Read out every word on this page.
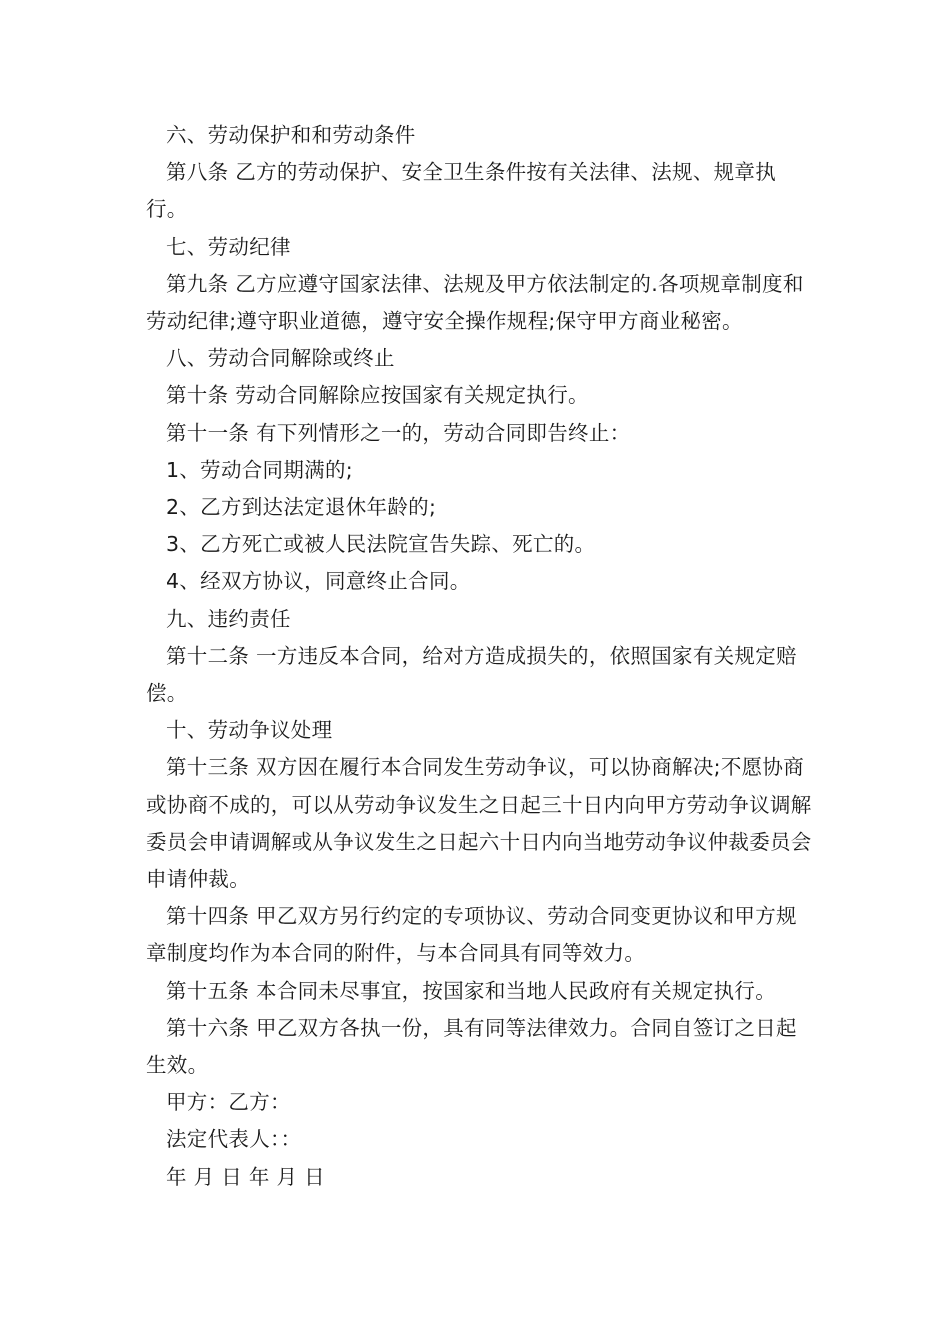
六、劳动保护和和劳动条件

第八条 乙方的劳动保护、安全卫生条件按有关法律、法规、规章执行。

七、劳动纪律

第九条 乙方应遵守国家法律、法规及甲方依法制定的.各项规章制度和劳动纪律;遵守职业道德，遵守安全操作规程;保守甲方商业秘密。

八、劳动合同解除或终止

第十条 劳动合同解除应按国家有关规定执行。

第十一条 有下列情形之一的，劳动合同即告终止：

1、劳动合同期满的;

2、乙方到达法定退休年龄的;

3、乙方死亡或被人民法院宣告失踪、死亡的。

4、经双方协议，同意终止合同。

九、违约责任

第十二条 一方违反本合同，给对方造成损失的，依照国家有关规定赔偿。

十、劳动争议处理

第十三条 双方因在履行本合同发生劳动争议，可以协商解决;不愿协商或协商不成的，可以从劳动争议发生之日起三十日内向甲方劳动争议调解委员会申请调解或从争议发生之日起六十日内向当地劳动争议仲裁委员会申请仲裁。

第十四条 甲乙双方另行约定的专项协议、劳动合同变更协议和甲方规章制度均作为本合同的附件，与本合同具有同等效力。

第十五条 本合同未尽事宜，按国家和当地人民政府有关规定执行。

第十六条 甲乙双方各执一份，具有同等法律效力。合同自签订之日起生效。

甲方：乙方：

法定代表人：：

年 月 日 年 月 日
